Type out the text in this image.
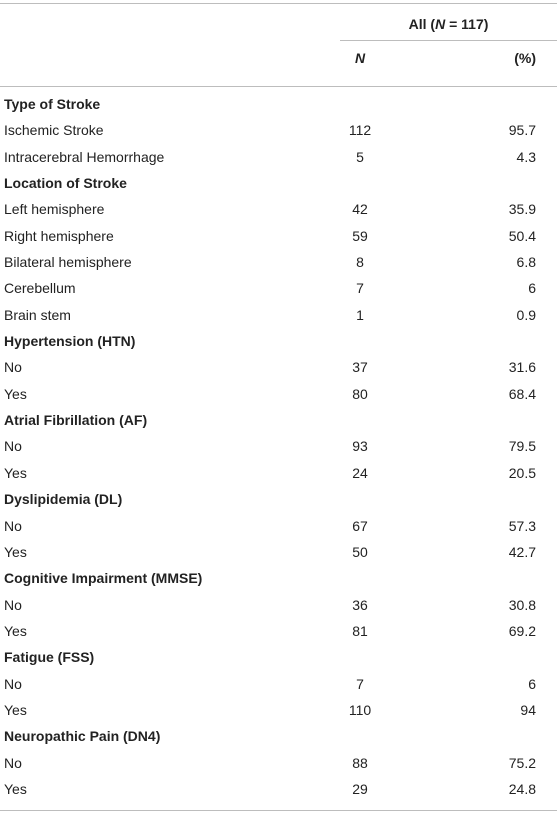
All (N = 117)
N	(%)
Type of Stroke
Ischemic Stroke	112	95.7
Intracerebral Hemorrhage	5	4.3
Location of Stroke
Left hemisphere	42	35.9
Right hemisphere	59	50.4
Bilateral hemisphere	8	6.8
Cerebellum	7	6
Brain stem	1	0.9
Hypertension (HTN)
No	37	31.6
Yes	80	68.4
Atrial Fibrillation (AF)
No	93	79.5
Yes	24	20.5
Dyslipidemia (DL)
No	67	57.3
Yes	50	42.7
Cognitive Impairment (MMSE)
No	36	30.8
Yes	81	69.2
Fatigue (FSS)
No	7	6
Yes	110	94
Neuropathic Pain (DN4)
No	88	75.2
Yes	29	24.8
